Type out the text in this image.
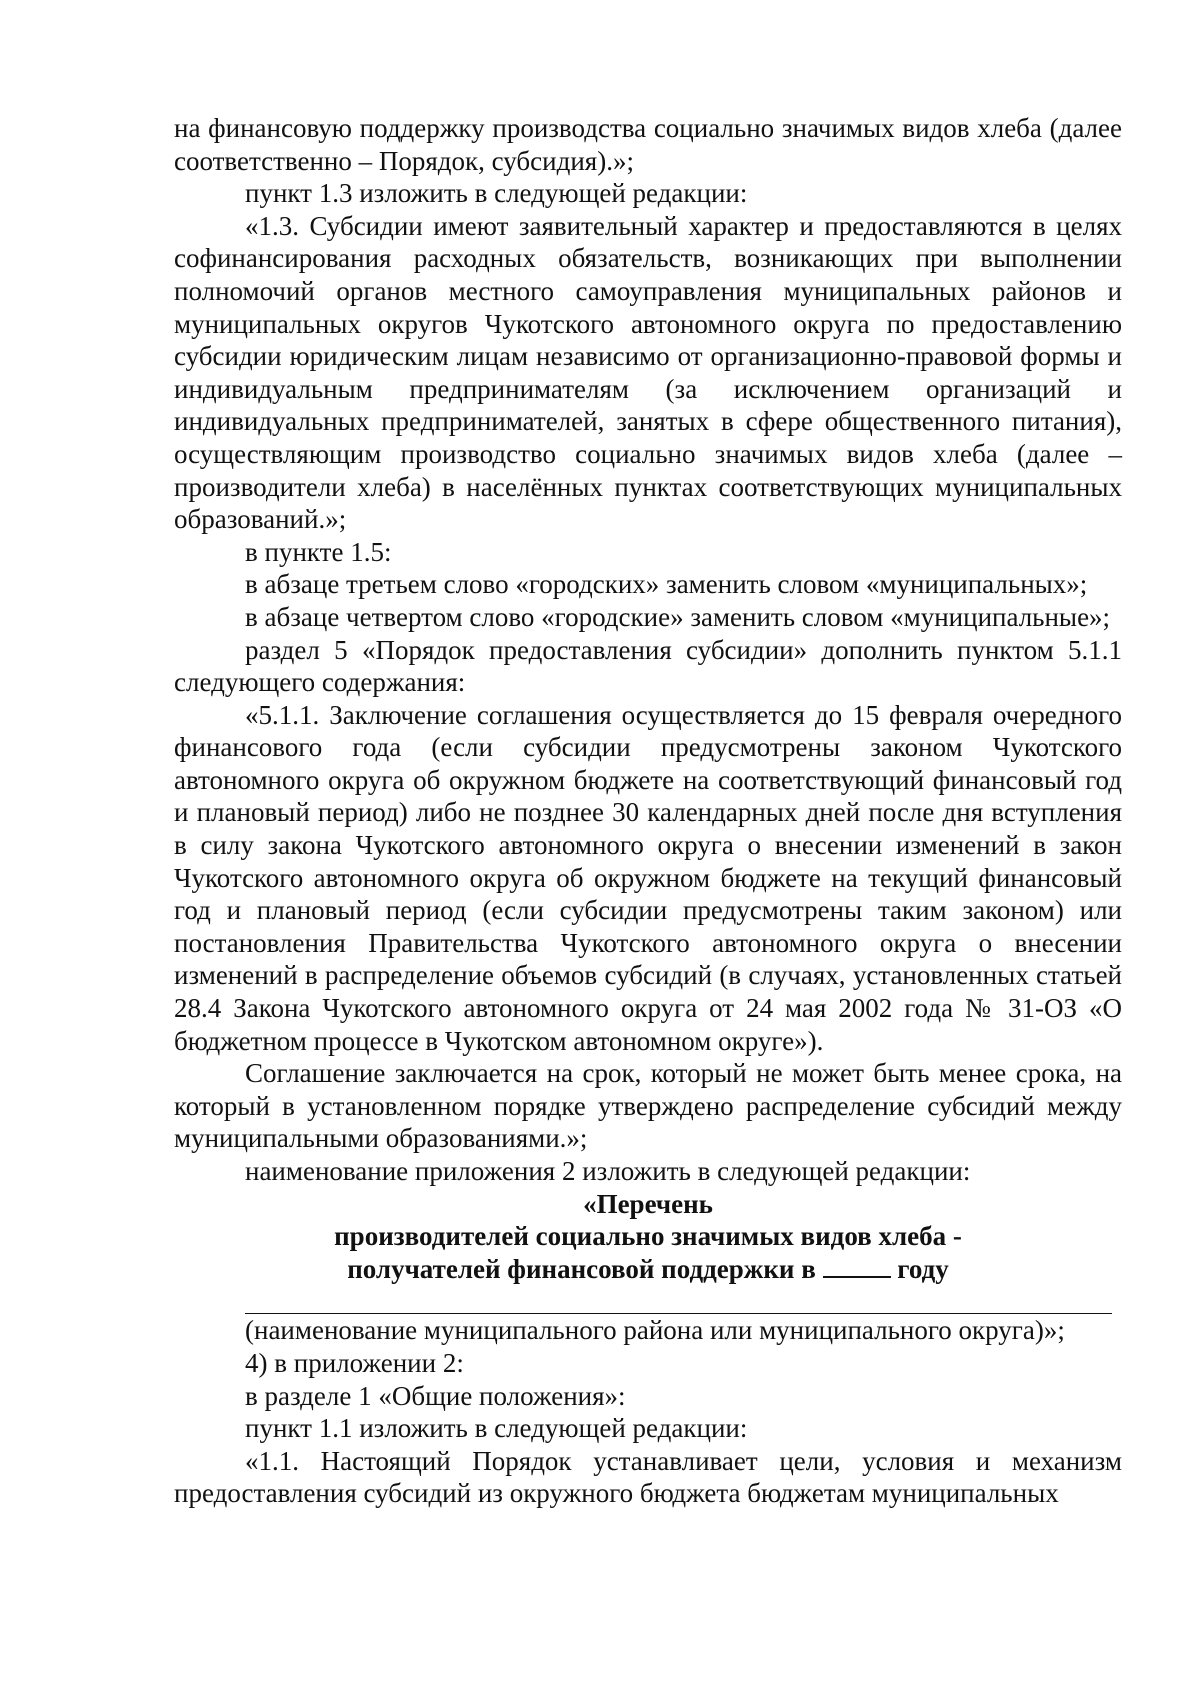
на финансовую поддержку производства социально значимых видов хлеба (далее соответственно – Порядок, субсидия).»;

пункт 1.3 изложить в следующей редакции:

«1.3. Субсидии имеют заявительный характер и предоставляются в целях софинансирования расходных обязательств, возникающих при выполнении полномочий органов местного самоуправления муниципальных районов и муниципальных округов Чукотского автономного округа по предоставлению субсидии юридическим лицам независимо от организационно-правовой формы и индивидуальным предпринимателям (за исключением организаций и индивидуальных предпринимателей, занятых в сфере общественного питания), осуществляющим производство социально значимых видов хлеба (далее – производители хлеба) в населённых пунктах соответствующих муниципальных образований.»;

в пункте 1.5:

в абзаце третьем слово «городских» заменить словом «муниципальных»;

в абзаце четвертом слово «городские» заменить словом «муниципальные»;

раздел 5 «Порядок предоставления субсидии» дополнить пунктом 5.1.1 следующего содержания:

«5.1.1. Заключение соглашения осуществляется до 15 февраля очередного финансового года (если субсидии предусмотрены законом Чукотского автономного округа об окружном бюджете на соответствующий финансовый год и плановый период) либо не позднее 30 календарных дней после дня вступления в силу закона Чукотского автономного округа о внесении изменений в закон Чукотского автономного округа об окружном бюджете на текущий финансовый год и плановый период (если субсидии предусмотрены таким законом) или постановления Правительства Чукотского автономного округа о внесении изменений в распределение объемов субсидий (в случаях, установленных статьей 28.4 Закона Чукотского автономного округа от 24 мая 2002 года № 31-ОЗ «О бюджетном процессе в Чукотском автономном округе»).

Соглашение заключается на срок, который не может быть менее срока, на который в установленном порядке утверждено распределение субсидий между муниципальными образованиями.»;

наименование приложения 2 изложить в следующей редакции:

«Перечень

производителей социально значимых видов хлеба -

получателей финансовой поддержки в	году

(наименование муниципального района или муниципального округа)»;

4) в приложении 2:

в разделе 1 «Общие положения»:

пункт 1.1 изложить в следующей редакции:

«1.1. Настоящий Порядок устанавливает цели, условия и механизм предоставления субсидий из окружного бюджета бюджетам муниципальных
